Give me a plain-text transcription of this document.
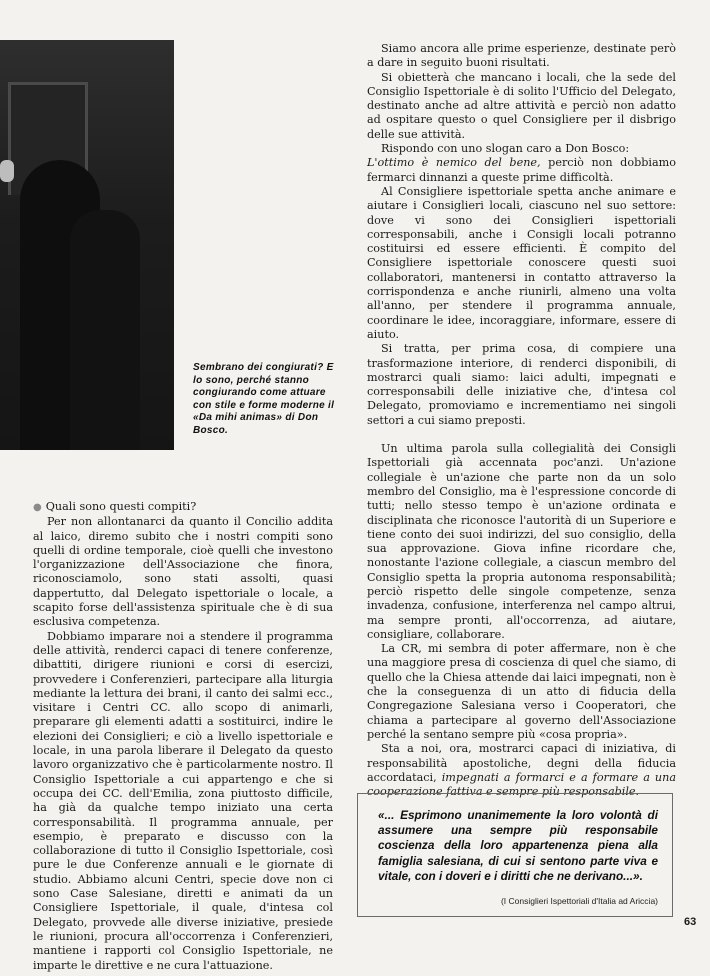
Sembrano dei congiurati? E lo sono, perché stanno congiurando come attuare con stile e forme moderne il «Da mihi animas» di Don Bosco.

● Quali sono questi compiti?

Per non allontanarci da quanto il Concilio addita al laico, diremo subito che i nostri compiti sono quelli di ordine temporale, cioè quelli che investono l'organizzazione dell'Associazione che finora, riconosciamolo, sono stati assolti, quasi dappertutto, dal Delegato ispettoriale o locale, a scapito forse dell'assistenza spirituale che è di sua esclusiva competenza.

Dobbiamo imparare noi a stendere il programma delle attività, renderci capaci di tenere conferenze, dibattiti, dirigere riunioni e corsi di esercizi, provvedere i Conferenzieri, partecipare alla liturgia mediante la lettura dei brani, il canto dei salmi ecc., visitare i Centri CC. allo scopo di animarli, preparare gli elementi adatti a sostituirci, indire le elezioni dei Consiglieri; e ciò a livello ispettoriale e locale, in una parola liberare il Delegato da questo lavoro organizzativo che è particolarmente nostro. Il Consiglio Ispettoriale a cui appartengo e che si occupa dei CC. dell'Emilia, zona piuttosto difficile, ha già da qualche tempo iniziato una certa corresponsabilità. Il programma annuale, per esempio, è preparato e discusso con la collaborazione di tutto il Consiglio Ispettoriale, così pure le due Conferenze annuali e le giornate di studio. Abbiamo alcuni Centri, specie dove non ci sono Case Salesiane, diretti e animati da un Consigliere Ispettoriale, il quale, d'intesa col Delegato, provvede alle diverse iniziative, presiede le riunioni, procura all'occorrenza i Conferenzieri, mantiene i rapporti col Consiglio Ispettoriale, ne imparte le direttive e ne cura l'attuazione.

Siamo ancora alle prime esperienze, destinate però a dare in seguito buoni risultati.

Si obietterà che mancano i locali, che la sede del Consiglio Ispettoriale è di solito l'Ufficio del Delegato, destinato anche ad altre attività e perciò non adatto ad ospitare questo o quel Consigliere per il disbrigo delle sue attività.

Rispondo con uno slogan caro a Don Bosco:

L'ottimo è nemico del bene, perciò non dobbiamo fermarci dinnanzi a queste prime difficoltà.

Al Consigliere ispettoriale spetta anche animare e aiutare i Consiglieri locali, ciascuno nel suo settore: dove vi sono dei Consiglieri ispettoriali corresponsabili, anche i Consigli locali potranno costituirsi ed essere efficienti. È compito del Consigliere ispettoriale conoscere questi suoi collaboratori, mantenersi in contatto attraverso la corrispondenza e anche riunirli, almeno una volta all'anno, per stendere il programma annuale, coordinare le idee, incoraggiare, informare, essere di aiuto.

Si tratta, per prima cosa, di compiere una trasformazione interiore, di renderci disponibili, di mostrarci quali siamo: laici adulti, impegnati e corresponsabili delle iniziative che, d'intesa col Delegato, promoviamo e incrementiamo nei singoli settori a cui siamo preposti.

Un ultima parola sulla collegialità dei Consigli Ispettoriali già accennata poc'anzi. Un'azione collegiale è un'azione che parte non da un solo membro del Consiglio, ma è l'espressione concorde di tutti; nello stesso tempo è un'azione ordinata e disciplinata che riconosce l'autorità di un Superiore e tiene conto dei suoi indirizzi, del suo consiglio, della sua approvazione. Giova infine ricordare che, nonostante l'azione collegiale, a ciascun membro del Consiglio spetta la propria autonoma responsabilità; perciò rispetto delle singole competenze, senza invadenza, confusione, interferenza nel campo altrui, ma sempre pronti, all'occorrenza, ad aiutare, consigliare, collaborare.

La CR, mi sembra di poter affermare, non è che una maggiore presa di coscienza di quel che siamo, di quello che la Chiesa attende dai laici impegnati, non è che la conseguenza di un atto di fiducia della Congregazione Salesiana verso i Cooperatori, che chiama a partecipare al governo dell'Associazione perché la sentano sempre più «cosa propria».

Sta a noi, ora, mostrarci capaci di iniziativa, di responsabilità apostoliche, degni della fiducia accordataci, impegnati a formarci e a formare a una cooperazione fattiva e sempre più responsabile.

«... Esprimono unanimemente la loro volontà di assumere una sempre più responsabile coscienza della loro appartenenza piena alla famiglia salesiana, di cui si sentono parte viva e vitale, con i doveri e i diritti che ne derivano...».
(I Consiglieri Ispettoriali d'Italia ad Ariccia)
63
